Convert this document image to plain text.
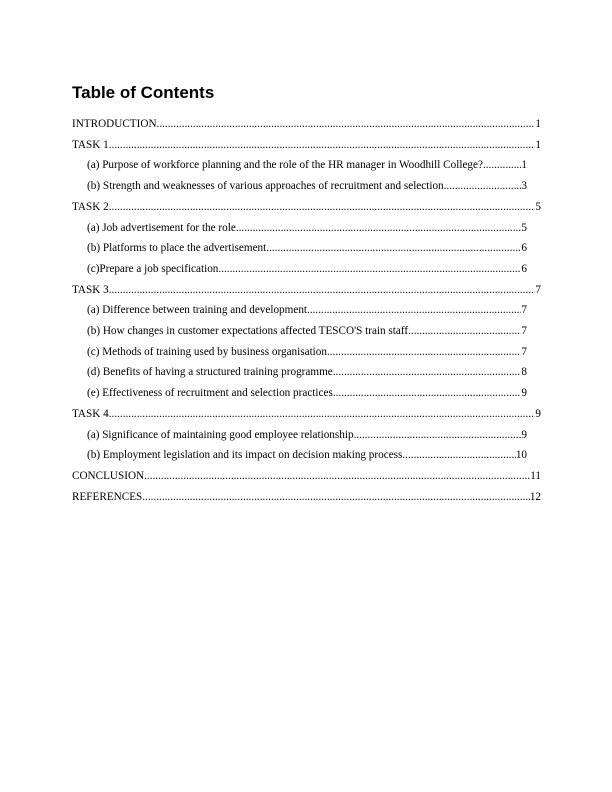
Table of Contents
INTRODUCTION .....	1
TASK 1 .....	1
(a) Purpose of workforce planning and the role of the HR manager in Woodhill College? .....	1
(b) Strength and weaknesses of various approaches of recruitment and selection .....	3
TASK 2 .....	5
(a) Job advertisement for the role .....	5
(b) Platforms to place the advertisement .....	6
(c)Prepare a job specification .....	6
TASK 3 .....	7
(a) Difference between training and development .....	7
(b) How changes in customer expectations affected TESCO'S train staff .....	7
(c) Methods of training used by business organisation .....	7
(d) Benefits of having a structured training programme .....	8
(e) Effectiveness of recruitment and selection practices .....	9
TASK 4 .....	9
(a) Significance of maintaining good employee relationship .....	9
(b) Employment legislation and its impact on decision making process .....	10
CONCLUSION .....	11
REFERENCES .....	12
